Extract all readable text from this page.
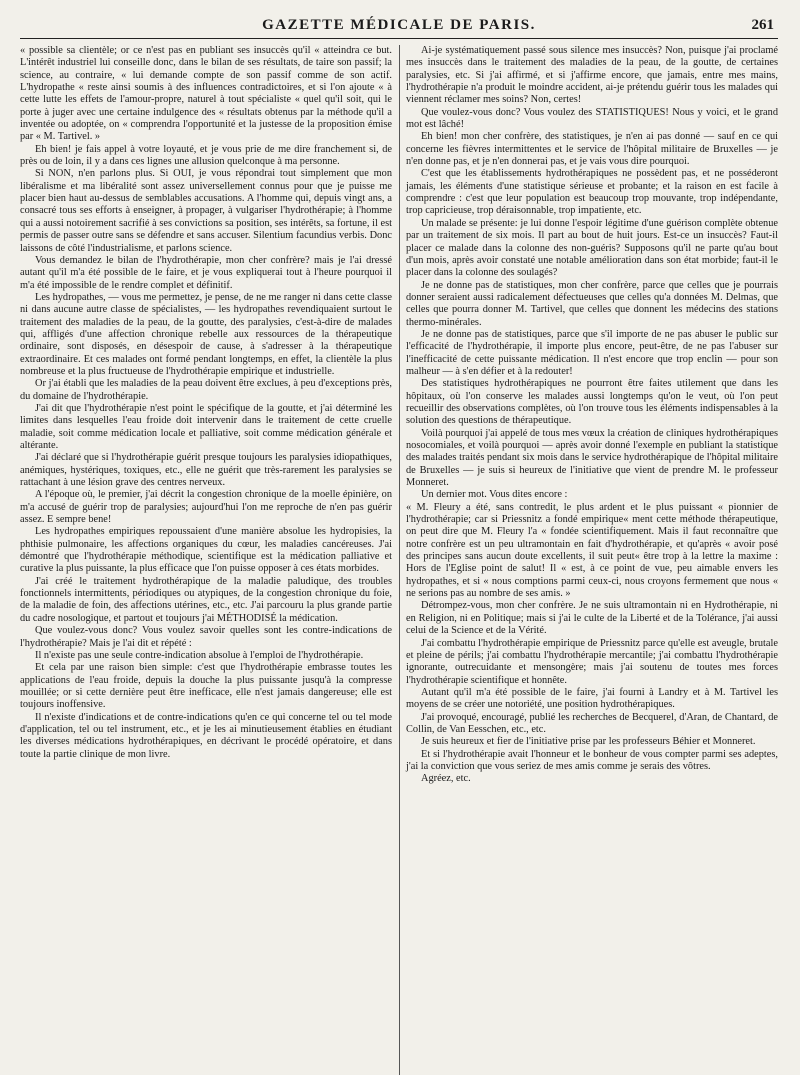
GAZETTE MÉDICALE DE PARIS.	261

« possible sa clientèle; or ce n'est pas en publiant ses insuccès qu'il « atteindra ce but. L'intérêt industriel lui conseille donc, dans le bilan de ses résultats, de taire son passif; la science, au contraire, « lui demande compte de son passif comme de son actif. L'hydropathe « reste ainsi soumis à des influences contradictoires, et si l'on ajoute « à cette lutte les effets de l'amour-propre, naturel à tout spécialiste « quel qu'il soit, qui le porte à juger avec une certaine indulgence des « résultats obtenus par la méthode qu'il a inventée ou adoptée, on « comprendra l'opportunité et la justesse de la proposition émise par « M. Tartivel. »

Eh bien! je fais appel à votre loyauté, et je vous prie de me dire franchement si, de près ou de loin, il y a dans ces lignes une allusion quelconque à ma personne.

Si NON, n'en parlons plus. Si OUI, je vous répondrai tout simplement que mon libéralisme et ma libéralité sont assez universellement connus pour que je puisse me placer bien haut au-dessus de semblables accusations. A l'homme qui, depuis vingt ans, a consacré tous ses efforts à enseigner, à propager, à vulgariser l'hydrothérapie; à l'homme qui a aussi notoirement sacrifié à ses convictions sa position, ses intérêts, sa fortune, il est permis de passer outre sans se défendre et sans accuser. Silentium facundius verbis. Donc laissons de côté l'industrialisme, et parlons science.

Vous demandez le bilan de l'hydrothérapie, mon cher confrère? mais je l'ai dressé autant qu'il m'a été possible de le faire, et je vous expliquerai tout à l'heure pourquoi il m'a été impossible de le rendre complet et définitif.

Les hydropathes, — vous me permettez, je pense, de ne me ranger ni dans cette classe ni dans aucune autre classe de spécialistes, — les hydropathes revendiquaient surtout le traitement des maladies de la peau, de la goutte, des paralysies, c'est-à-dire de malades qui, affligés d'une affection chronique rebelle aux ressources de la thérapeutique ordinaire, sont disposés, en désespoir de cause, à s'adresser à la thérapeutique extraordinaire. Et ces malades ont formé pendant longtemps, en effet, la clientèle la plus nombreuse et la plus fructueuse de l'hydrothérapie empirique et industrielle.

Or j'ai établi que les maladies de la peau doivent être exclues, à peu d'exceptions près, du domaine de l'hydrothérapie.

J'ai dit que l'hydrothérapie n'est point le spécifique de la goutte, et j'ai déterminé les limites dans lesquelles l'eau froide doit intervenir dans le traitement de cette cruelle maladie, soit comme médication locale et palliative, soit comme médication générale et altérante.

J'ai déclaré que si l'hydrothérapie guérit presque toujours les paralysies idiopathiques, anémiques, hystériques, toxiques, etc., elle ne guérit que très-rarement les paralysies se rattachant à une lésion grave des centres nerveux.

A l'époque où, le premier, j'ai décrit la congestion chronique de la moelle épinière, on m'a accusé de guérir trop de paralysies; aujourd'hui l'on me reproche de n'en pas guérir assez. E sempre bene!

Les hydropathes empiriques repoussaient d'une manière absolue les hydropisies, la phthisie pulmonaire, les affections organiques du cœur, les maladies cancéreuses. J'ai démontré que l'hydrothérapie méthodique, scientifique est la médication palliative et curative la plus puissante, la plus efficace que l'on puisse opposer à ces états morbides.

J'ai créé le traitement hydrothérapique de la maladie paludique, des troubles fonctionnels intermittents, périodiques ou atypiques, de la congestion chronique du foie, de la maladie de foin, des affections utérines, etc., etc. J'ai parcouru la plus grande partie du cadre nosologique, et partout et toujours j'ai MÉTHODISÉ la médication.

Que voulez-vous donc? Vous voulez savoir quelles sont les contre-indications de l'hydrothérapie? Mais je l'ai dit et répété :

Il n'existe pas une seule contre-indication absolue à l'emploi de l'hydrothérapie.

Et cela par une raison bien simple: c'est que l'hydrothérapie embrasse toutes les applications de l'eau froide, depuis la douche la plus puissante jusqu'à la compresse mouillée; or si cette dernière peut être inefficace, elle n'est jamais dangereuse; elle est toujours inoffensive.

Il n'existe d'indications et de contre-indications qu'en ce qui concerne tel ou tel mode d'application, tel ou tel instrument, etc., et je les ai minutieusement établies en étudiant les diverses médications hydrothérapiques, en décrivant le procédé opératoire, et dans toute la partie clinique de mon livre.

Ai-je systématiquement passé sous silence mes insuccès? Non, puisque j'ai proclamé mes insuccès dans le traitement des maladies de la peau, de la goutte, de certaines paralysies, etc. Si j'ai affirmé, et si j'affirme encore, que jamais, entre mes mains, l'hydrothérapie n'a produit le moindre accident, ai-je prétendu guérir tous les malades qui viennent réclamer mes soins? Non, certes!

Que voulez-vous donc? Vous voulez des STATISTIQUES! Nous y voici, et le grand mot est lâché!

Eh bien! mon cher confrère, des statistiques, je n'en ai pas donné — sauf en ce qui concerne les fièvres intermittentes et le service de l'hôpital militaire de Bruxelles — je n'en donne pas, et je n'en donnerai pas, et je vais vous dire pourquoi.

C'est que les établissements hydrothérapiques ne possèdent pas, et ne posséderont jamais, les éléments d'une statistique sérieuse et probante; et la raison en est facile à comprendre : c'est que leur population est beaucoup trop mouvante, trop indépendante, trop capricieuse, trop déraisonnable, trop impatiente, etc.

Un malade se présente: je lui donne l'espoir légitime d'une guérison complète obtenue par un traitement de six mois. Il part au bout de huit jours. Est-ce un insuccès? Faut-il placer ce malade dans la colonne des non-guéris? Supposons qu'il ne parte qu'au bout d'un mois, après avoir constaté une notable amélioration dans son état morbide; faut-il le placer dans la colonne des soulagés?

Je ne donne pas de statistiques, mon cher confrère, parce que celles que je pourrais donner seraient aussi radicalement défectueuses que celles qu'a données M. Delmas, que celles que pourra donner M. Tartivel, que celles que donnent les médecins des stations thermo-minérales.

Je ne donne pas de statistiques, parce que s'il importe de ne pas abuser le public sur l'efficacité de l'hydrothérapie, il importe plus encore, peut-être, de ne pas l'abuser sur l'inefficacité de cette puissante médication. Il n'est encore que trop enclin — pour son malheur — à s'en défier et à la redouter!

Des statistiques hydrothérapiques ne pourront être faites utilement que dans les hôpitaux, où l'on conserve les malades aussi longtemps qu'on le veut, où l'on peut recueillir des observations complètes, où l'on trouve tous les éléments indispensables à la solution des questions de thérapeutique.

Voilà pourquoi j'ai appelé de tous mes vœux la création de cliniques hydrothérapiques nosocomiales, et voilà pourquoi — après avoir donné l'exemple en publiant la statistique des malades traités pendant six mois dans le service hydrothérapique de l'hôpital militaire de Bruxelles — je suis si heureux de l'initiative que vient de prendre M. le professeur Monneret.

Un dernier mot. Vous dites encore :

« M. Fleury a été, sans contredit, le plus ardent et le plus puissant « pionnier de l'hydrothérapie; car si Priessnitz a fondé empirique« ment cette méthode thérapeutique, on peut dire que M. Fleury l'a « fondée scientifiquement. Mais il faut reconnaître que notre confrère est un peu ultramontain en fait d'hydrothérapie, et qu'après « avoir posé des principes sans aucun doute excellents, il suit peut« être trop à la lettre la maxime : Hors de l'Eglise point de salut! Il « est, à ce point de vue, peu aimable envers les hydropathes, et si « nous comptions parmi ceux-ci, nous croyons fermement que nous « ne serions pas au nombre de ses amis. »

Détrompez-vous, mon cher confrère. Je ne suis ultramontain ni en Hydrothérapie, ni en Religion, ni en Politique; mais si j'ai le culte de la Liberté et de la Tolérance, j'ai aussi celui de la Science et de la Vérité.

J'ai combattu l'hydrothérapie empirique de Priessnitz parce qu'elle est aveugle, brutale et pleine de périls; j'ai combattu l'hydrothérapie mercantile; j'ai combattu l'hydrothérapie ignorante, outrecuidante et mensongère; mais j'ai soutenu de toutes mes forces l'hydrothérapie scientifique et honnête.

Autant qu'il m'a été possible de le faire, j'ai fourni à Landry et à M. Tartivel les moyens de se créer une notoriété, une position hydrothérapiques.

J'ai provoqué, encouragé, publié les recherches de Becquerel, d'Aran, de Chantard, de Collin, de Van Eesschen, etc., etc.

Je suis heureux et fier de l'initiative prise par les professeurs Béhier et Monneret.

Et si l'hydrothérapie avait l'honneur et le bonheur de vous compter parmi ses adeptes, j'ai la conviction que vous seriez de mes amis comme je serais des vôtres.

Agréez, etc.
